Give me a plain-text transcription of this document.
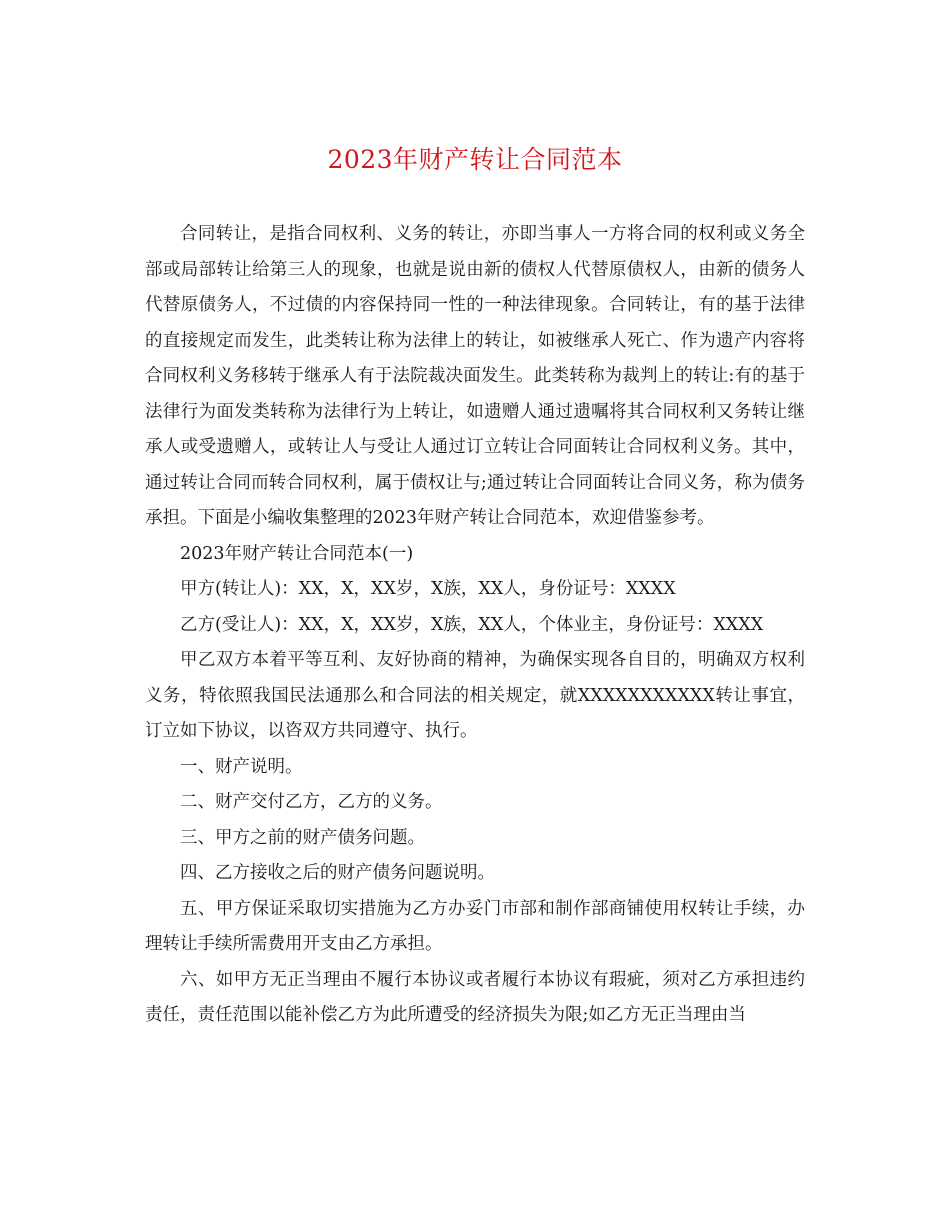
2023年财产转让合同范本

合同转让，是指合同权利、义务的转让，亦即当事人一方将合同的权利或义务全部或局部转让给第三人的现象，也就是说由新的债权人代替原债权人，由新的债务人代替原债务人，不过债的内容保持同一性的一种法律现象。合同转让，有的基于法律的直接规定而发生，此类转让称为法律上的转让，如被继承人死亡、作为遗产内容将合同权利义务移转于继承人有于法院裁决面发生。此类转称为裁判上的转让:有的基于法律行为面发类转称为法律行为上转让，如遗赠人通过遗嘱将其合同权利又务转让继承人或受遗赠人，或转让人与受让人通过订立转让合同面转让合同权利义务。其中，通过转让合同而转合同权利，属于债权让与;通过转让合同面转让合同义务，称为债务承担。下面是小编收集整理的2023年财产转让合同范本，欢迎借鉴参考。

2023年财产转让合同范本(一)

甲方(转让人)：XX，X，XX岁，X族，XX人，身份证号：XXXX

乙方(受让人)：XX，X，XX岁，X族，XX人，个体业主，身份证号：XXXX

甲乙双方本着平等互利、友好协商的精神，为确保实现各自目的，明确双方权利义务，特依照我国民法通那么和合同法的相关规定，就XXXXXXXXXXX转让事宜，订立如下协议，以咨双方共同遵守、执行。

一、财产说明。

二、财产交付乙方，乙方的义务。

三、甲方之前的财产债务问题。

四、乙方接收之后的财产债务问题说明。

五、甲方保证采取切实措施为乙方办妥门市部和制作部商铺使用权转让手续，办理转让手续所需费用开支由乙方承担。

六、如甲方无正当理由不履行本协议或者履行本协议有瑕疵，须对乙方承担违约责任，责任范围以能补偿乙方为此所遭受的经济损失为限;如乙方无正当理由当
